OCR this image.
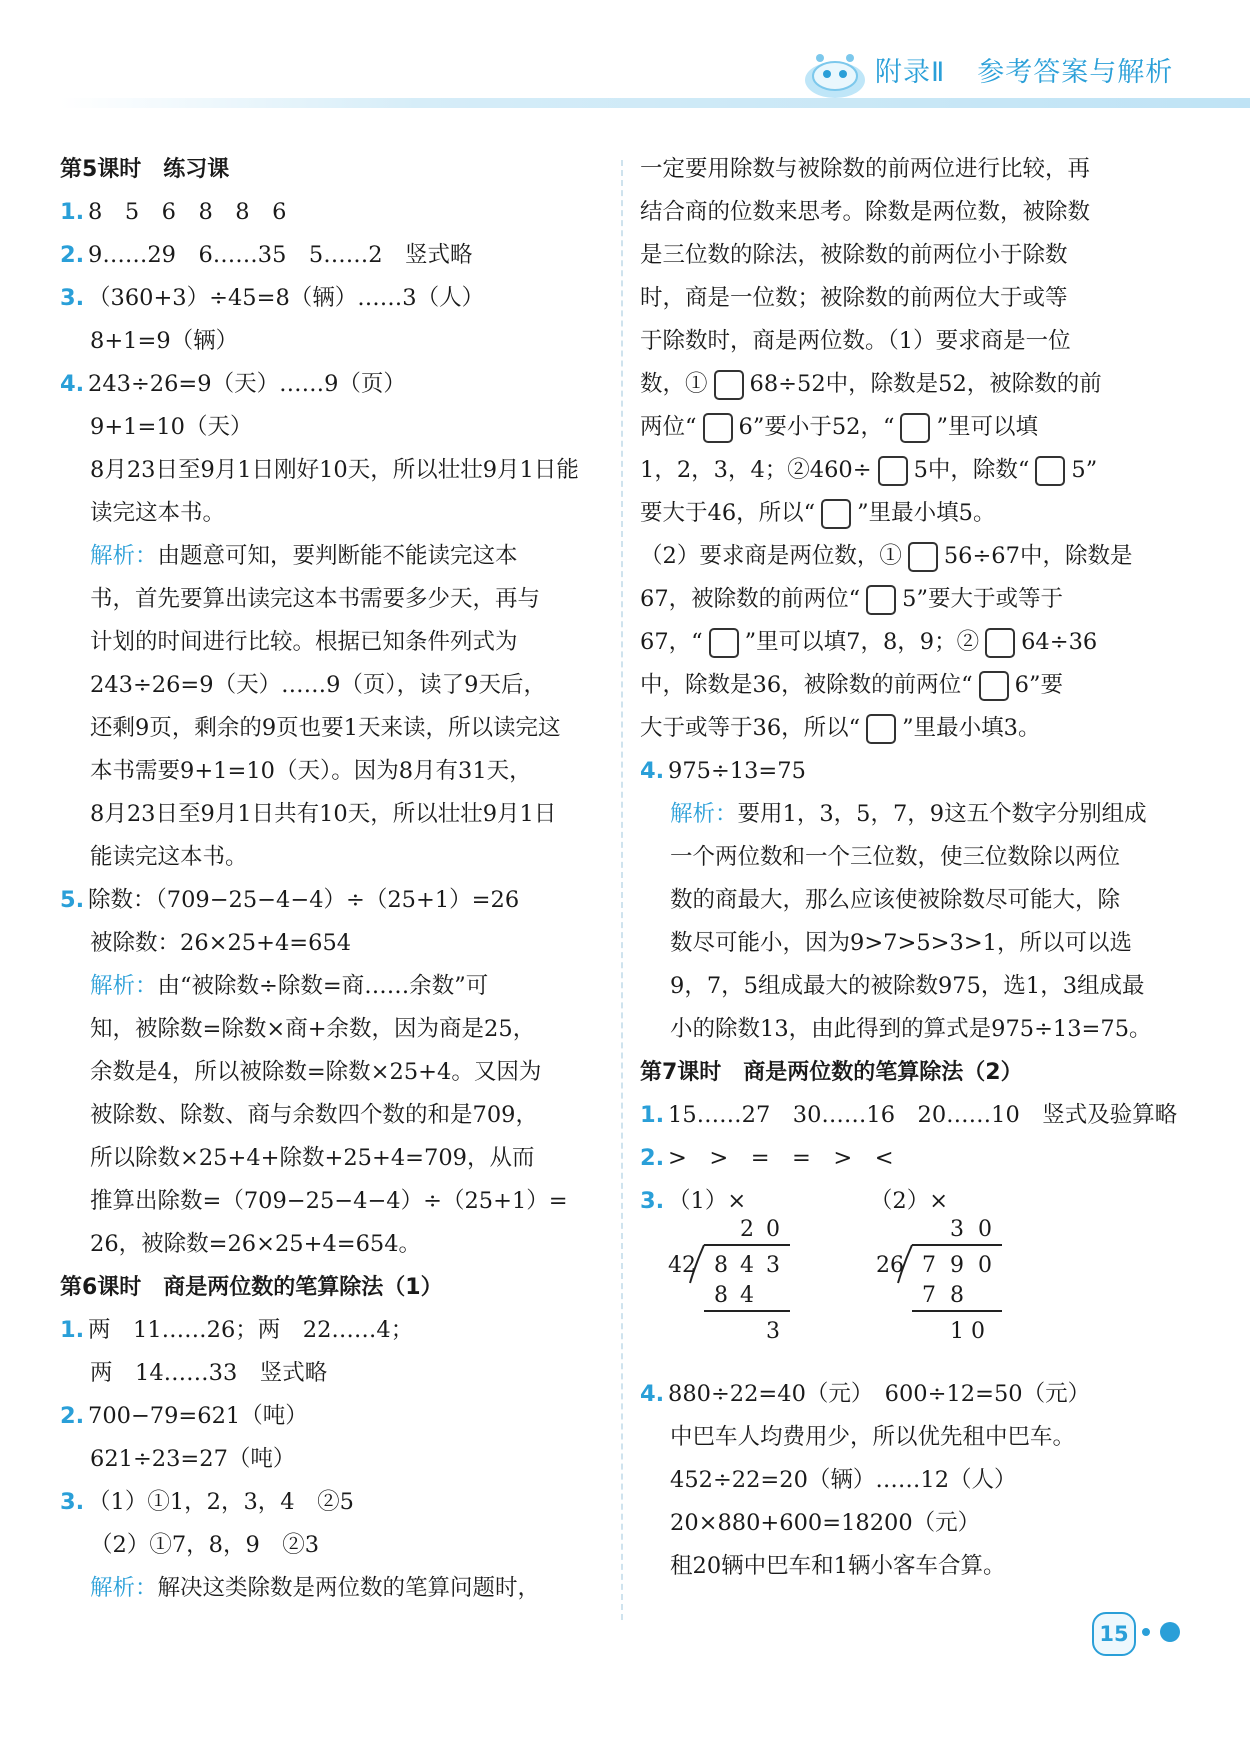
附录Ⅱ 参考答案与解析
第5课时　练习课
1. 8　5　6　8　8　6
2. 9……29　6……35　5……2　竖式略
3. （360+3）÷45=8（辆）……3（人）
8+1=9（辆）
4. 243÷26=9（天）……9（页）
9+1=10（天）
8月23日至9月1日刚好10天，所以壮壮9月1日能
读完这本书。
解析：由题意可知，要判断能不能读完这本
书，首先要算出读完这本书需要多少天，再与
计划的时间进行比较。根据已知条件列式为
243÷26=9（天）……9（页），读了9天后，
还剩9页，剩余的9页也要1天来读，所以读完这
本书需要9+1=10（天）。因为8月有31天，
8月23日至9月1日共有10天，所以壮壮9月1日
能读完这本书。
5. 除数：（709−25−4−4）÷（25+1）=26
被除数：26×25+4=654
解析：由“被除数÷除数=商……余数”可
知，被除数=除数×商+余数，因为商是25，
余数是4，所以被除数=除数×25+4。又因为
被除数、除数、商与余数四个数的和是709，
所以除数×25+4+除数+25+4=709，从而
推算出除数=（709−25−4−4）÷（25+1）=
26，被除数=26×25+4=654。
第6课时　商是两位数的笔算除法（1）
1. 两　11……26；两　22……4；
两　14……33　竖式略
2. 700−79=621（吨）
621÷23=27（吨）
3. （1）①1，2，3，4　②5
（2）①7，8，9　②3
解析：解决这类除数是两位数的笔算问题时，
一定要用除数与被除数的前两位进行比较，再
结合商的位数来思考。除数是两位数，被除数
是三位数的除法，被除数的前两位小于除数
时，商是一位数；被除数的前两位大于或等
于除数时，商是两位数。（1）要求商是一位
数，① 68÷52中，除数是52，被除数的前
两位“ 6”要小于52，“ ”里可以填
1，2，3，4；②460÷ 5中，除数“ 5”
要大于46，所以“ ”里最小填5。
（2）要求商是两位数，① 56÷67中，除数是
67，被除数的前两位“ 5”要大于或等于
67，“ ”里可以填7，8，9；② 64÷36
中，除数是36，被除数的前两位“ 6”要
大于或等于36，所以“ ”里最小填3。
4. 975÷13=75
解析：要用1，3，5，7，9这五个数字分别组成
一个两位数和一个三位数，使三位数除以两位
数的商最大，那么应该使被除数尽可能大，除
数尽可能小，因为9>7>5>3>1，所以可以选
9，7，5组成最大的被除数975，选1，3组成最
小的除数13，由此得到的算式是975÷13=75。
第7课时　商是两位数的笔算除法（2）
1. 15……27　30……16　20……10　竖式及验算略
2. >　>　=　=　>　<
3. （1）×　　　　　　（2）×
2 0
42 8 4 3
8 4
3
3 0
26 7 9 0
7 8
1 0
4. 880÷22=40（元）　600÷12=50（元）
中巴车人均费用少，所以优先租中巴车。
452÷22=20（辆）……12（人）
20×880+600=18200（元）
租20辆中巴车和1辆小客车合算。
15
